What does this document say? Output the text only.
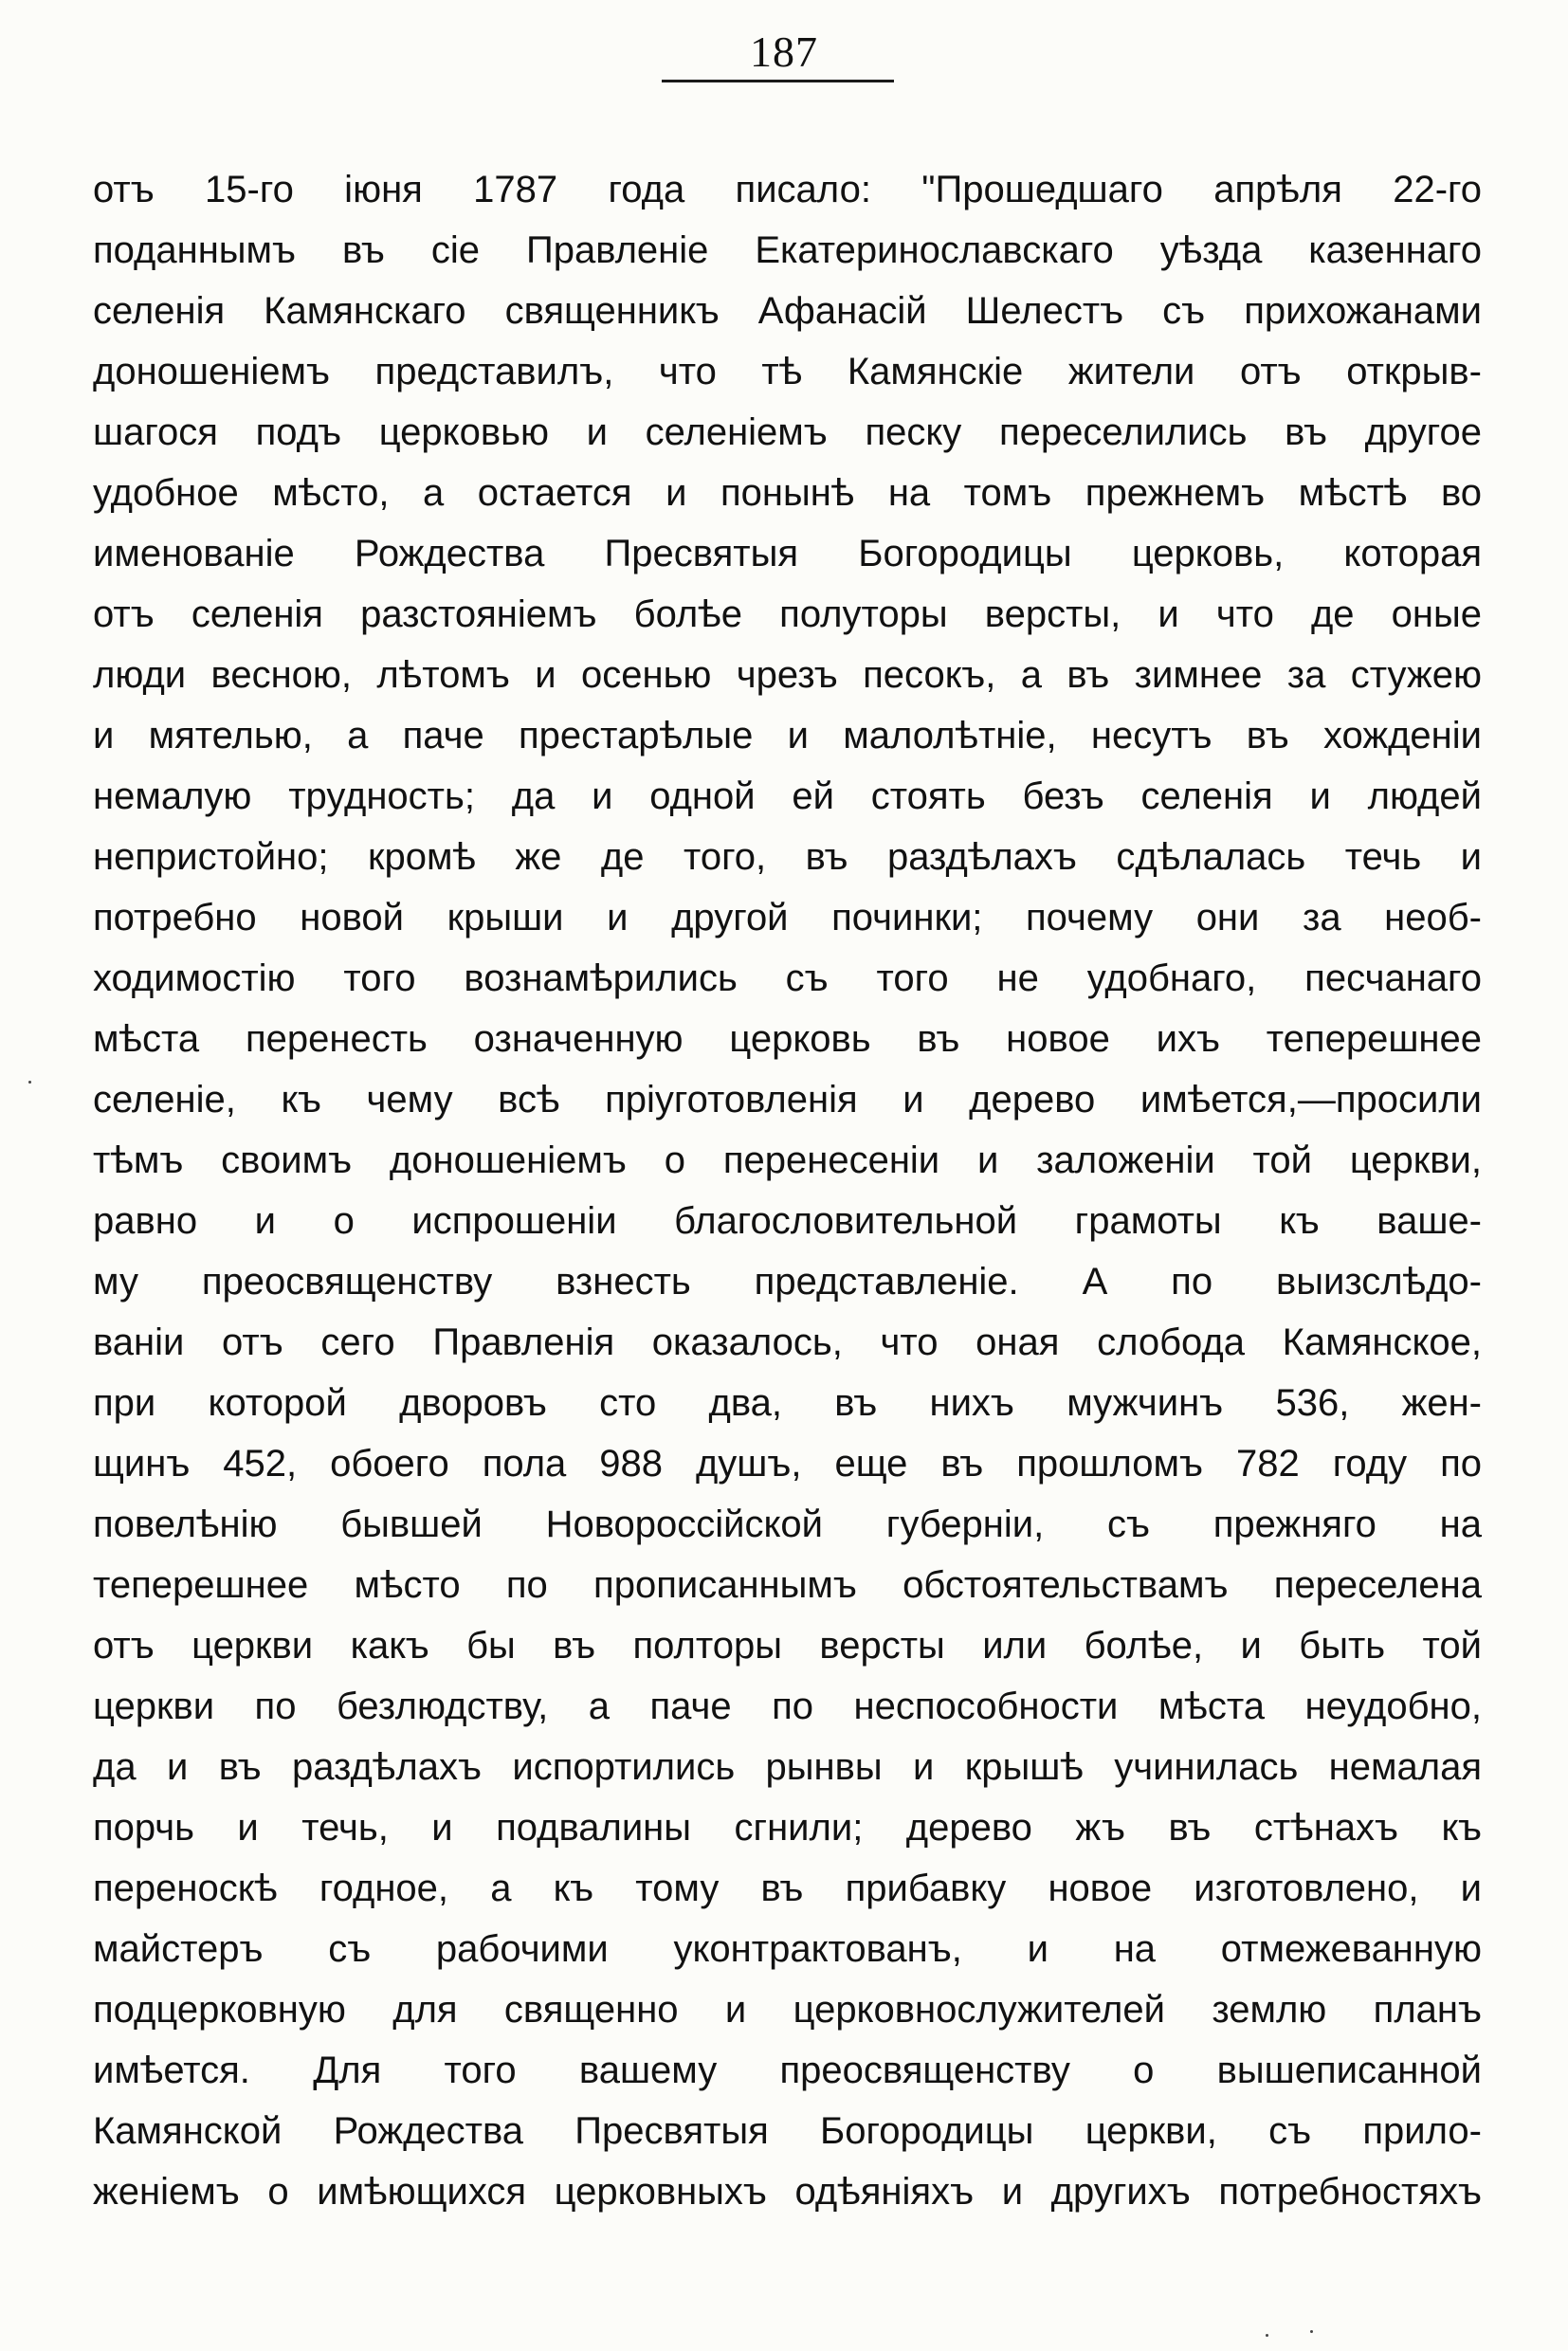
187
отъ 15-го іюня 1787 года писало: "Прошедшаго апрѣля 22-го
поданнымъ въ сіе Правленіе Екатеринославскаго уѣзда казеннаго
селенія Камянскаго священникъ Афанасій Шелестъ съ прихожанами
доношеніемъ представилъ, что тѣ Камянскіе жители отъ открыв-
шагося подъ церковью и селеніемъ песку переселились въ другое
удобное мѣсто, а остается и понынѣ на томъ прежнемъ мѣстѣ во
именованіе Рождества Пресвятыя Богородицы церковь, которая
отъ селенія разстояніемъ болѣе полуторы версты, и что де оные
люди весною, лѣтомъ и осенью чрезъ песокъ, а въ зимнее за стужею
и мятелью, а паче престарѣлые и малолѣтніе, несутъ въ хожденіи
немалую трудность; да и одной ей стоять безъ селенія и людей
непристойно; кромѣ же де того, въ раздѣлахъ сдѣлалась течь и
потребно новой крыши и другой починки; почему они за необ-
ходимостію того вознамѣрились съ того не удобнаго, песчанаго
мѣста перенесть означенную церковь въ новое ихъ теперешнее
селеніе, къ чему всѣ пріуготовленія и дерево имѣется,—просили
тѣмъ своимъ доношеніемъ о перенесеніи и заложеніи той церкви,
равно и о испрошеніи благословительной грамоты къ ваше-
му преосвященству взнесть представленіе. А по выизслѣдо-
ваніи отъ сего Правленія оказалось, что оная слобода Камянское,
при которой дворовъ сто два, въ нихъ мужчинъ 536, жен-
щинъ 452, обоего пола 988 душъ, еще въ прошломъ 782 году по
повелѣнію бывшей Новороссійской губерніи, съ прежняго на
теперешнее мѣсто по прописаннымъ обстоятельствамъ переселена
отъ церкви какъ бы въ полторы версты или болѣе, и быть той
церкви по безлюдству, а паче по неспособности мѣста неудобно,
да и въ раздѣлахъ испортились рынвы и крышѣ учинилась немалая
порчь и течь, и подвалины сгнили; дерево жъ въ стѣнахъ къ
переноскѣ годное, а къ тому въ прибавку новое изготовлено, и
майстеръ съ рабочими уконтрактованъ, и на отмежеванную
подцерковную для священно и церковнослужителей землю планъ
имѣется. Для того вашему преосвященству о вышеписанной
Камянской Рождества Пресвятыя Богородицы церкви, съ прило-
женіемъ о имѣющихся церковныхъ одѣяніяхъ и другихъ потребностяхъ
